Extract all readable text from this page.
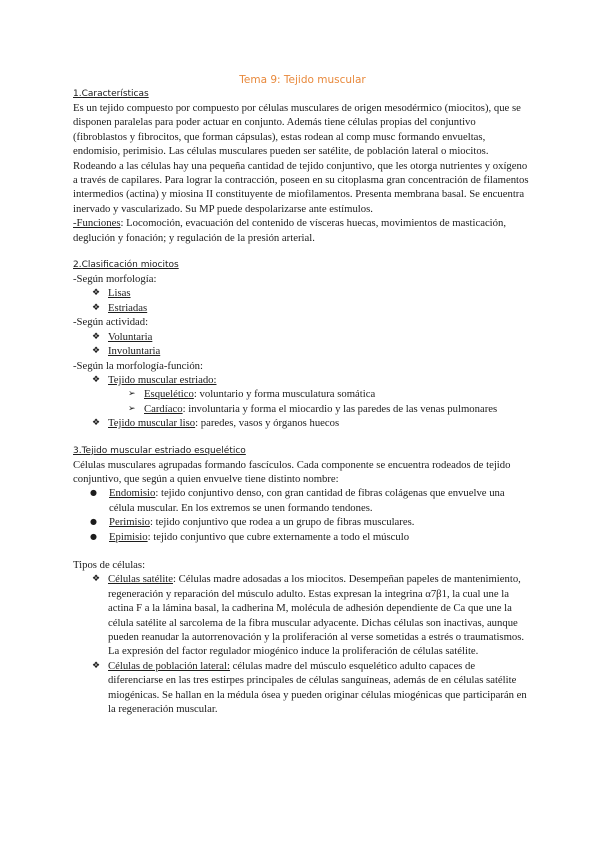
Tema 9: Tejido muscular
1.Características

Es un tejido compuesto por compuesto por células musculares de origen mesodérmico (miocitos), que se disponen paralelas para poder actuar en conjunto. Además tiene células propias del conjuntivo (fibroblastos y fibrocitos, que forman cápsulas), estas rodean al comp musc formando envueltas, endomisio, perimisio. Las células musculares pueden ser satélite, de población lateral o miocitos. Rodeando a las células hay una pequeña cantidad de tejido conjuntivo, que les otorga nutrientes y oxígeno a través de capilares. Para lograr la contracción, poseen en su citoplasma gran concentración de filamentos intermedios (actina) y miosina II constituyente de miofilamentos. Presenta membrana basal. Se encuentra inervado y vascularizado. Su MP puede despolarizarse ante estímulos.

-Funciones: Locomoción, evacuación del contenido de vísceras huecas, movimientos de masticación, deglución y fonación; y regulación de la presión arterial.

2.Clasificación miocitos
-Según morfología:
❖ Lisas
❖ Estriadas
-Según actividad:
❖ Voluntaria
❖ Involuntaria
-Según la morfología-función:
❖ Tejido muscular estriado:
➢ Esquelético: voluntario y forma musculatura somática
➢ Cardíaco: involuntaria y forma el miocardio y las paredes de las venas pulmonares
❖ Tejido muscular liso: paredes, vasos y órganos huecos
3.Tejido muscular estriado esquelético

Células musculares agrupadas formando fascículos. Cada componente se encuentra rodeados de tejido conjuntivo, que según a quien envuelve tiene distinto nombre:

● Endomisio: tejido conjuntivo denso, con gran cantidad de fibras colágenas que envuelve una célula muscular. En los extremos se unen formando tendones.
● Perimisio: tejido conjuntivo que rodea a un grupo de fibras musculares.
● Epimisio: tejido conjuntivo que cubre externamente a todo el músculo
Tipos de células:
❖ Células satélite: Células madre adosadas a los miocitos. Desempeñan papeles de mantenimiento, regeneración y reparación del músculo adulto. Estas expresan la integrina α7β1, la cual une la actina F a la lámina basal, la cadherina M, molécula de adhesión dependiente de Ca que une la célula satélite al sarcolema de la fibra muscular adyacente. Dichas células son inactivas, aunque pueden reanudar la autorrenovación y la proliferación al verse sometidas a estrés o traumatismos. La expresión del factor regulador miogénico induce la proliferación de células satélite.
❖ Células de población lateral: células madre del músculo esquelético adulto capaces de diferenciarse en las tres estirpes principales de células sanguíneas, además de en células satélite miogénicas. Se hallan en la médula ósea y pueden originar células miogénicas que participarán en la regeneración muscular.
